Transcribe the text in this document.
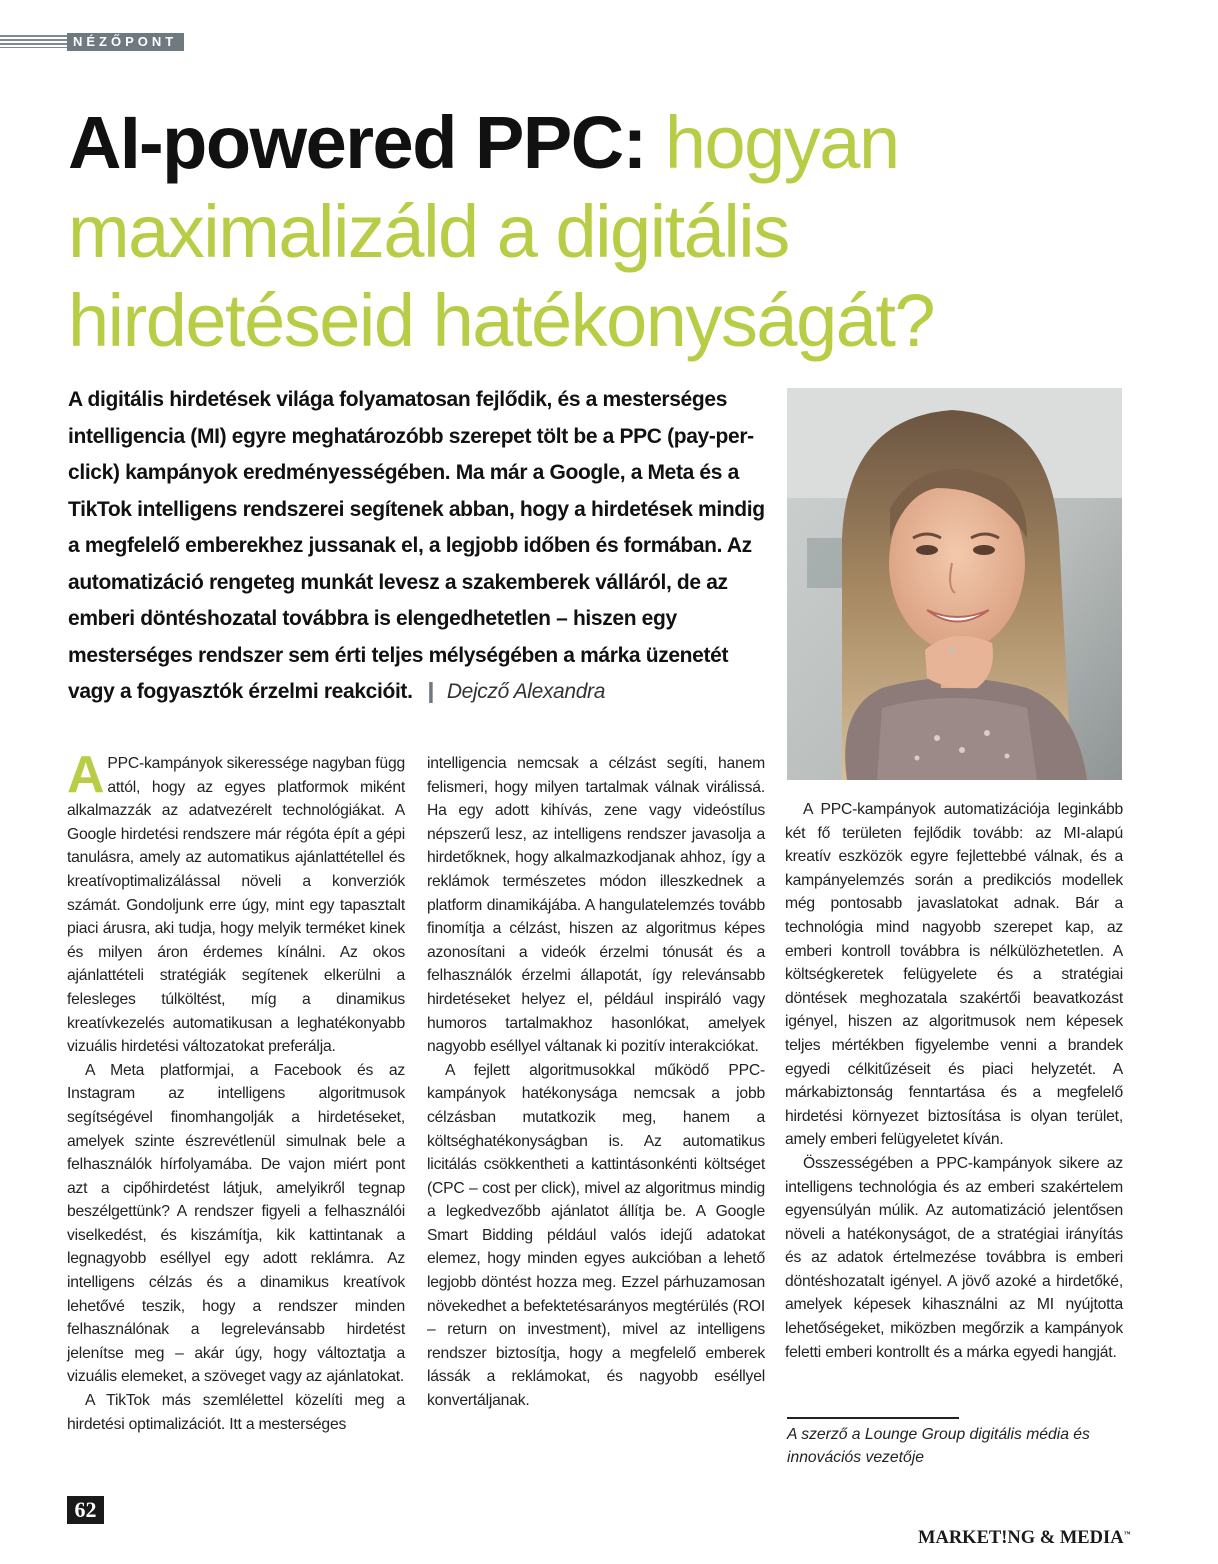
NÉZŐPONT
AI-powered PPC: hogyan maximalizáld a digitális hirdetéseid hatékonyságát?

A digitális hirdetések világa folyamatosan fejlődik, és a mesterséges intelligencia (MI) egyre meghatározóbb szerepet tölt be a PPC (pay-per-click) kampányok eredményességében. Ma már a Google, a Meta és a TikTok intelligens rendszerei segítenek abban, hogy a hirdetések mindig a megfelelő emberekhez jussanak el, a legjobb időben és formában. Az automatizáció rengeteg munkát levesz a szakemberek válláról, de az emberi döntéshozatal továbbra is elengedhetetlen – hiszen egy mesterséges rendszer sem érti teljes mélységében a márka üzenetét vagy a fogyasztók érzelmi reakcióit. ❙ Dejcző Alexandra

APPC-kampányok sikeressége nagyban függ attól, hogy az egyes platformok miként alkalmazzák az adatvezérelt technológiákat. A Google hirdetési rendszere már régóta épít a gépi tanulásra, amely az automatikus ajánlattétellel és kreatívoptimalizálással növeli a konverziók számát. Gondoljunk erre úgy, mint egy tapasztalt piaci árusra, aki tudja, hogy melyik terméket kinek és milyen áron érdemes kínálni. Az okos ajánlattételi stratégiák segítenek elkerülni a felesleges túlköltést, míg a dinamikus kreatívkezelés automatikusan a leghatékonyabb vizuális hirdetési változatokat preferálja.

A Meta platformjai, a Facebook és az Instagram az intelligens algoritmusok segítségével finomhangolják a hirdetéseket, amelyek szinte észrevétlenül simulnak bele a felhasználók hírfolyamába. De vajon miért pont azt a cipőhirdetést látjuk, amelyikről tegnap beszélgettünk? A rendszer figyeli a felhasználói viselkedést, és kiszámítja, kik kattintanak a legnagyobb eséllyel egy adott reklámra. Az intelligens célzás és a dinamikus kreatívok lehetővé teszik, hogy a rendszer minden felhasználónak a legrelevánsabb hirdetést jelenítse meg – akár úgy, hogy változtatja a vizuális elemeket, a szöveget vagy az ajánlatokat.

A TikTok más szemlélettel közelíti meg a hirdetési optimalizációt. Itt a mesterséges

intelligencia nemcsak a célzást segíti, hanem felismeri, hogy milyen tartalmak válnak virálissá. Ha egy adott kihívás, zene vagy videóstílus népszerű lesz, az intelligens rendszer javasolja a hirdetőknek, hogy alkalmazkodjanak ahhoz, így a reklámok természetes módon illeszkednek a platform dinamikájába. A hangulatelemzés tovább finomítja a célzást, hiszen az algoritmus képes azonosítani a videók érzelmi tónusát és a felhasználók érzelmi állapotát, így relevánsabb hirdetéseket helyez el, például inspiráló vagy humoros tartalmakhoz hasonlókat, amelyek nagyobb eséllyel váltanak ki pozitív interakciókat.

A fejlett algoritmusokkal működő PPC-kampányok hatékonysága nemcsak a jobb célzásban mutatkozik meg, hanem a költséghatékonyságban is. Az automatikus licitálás csökkentheti a kattintásonkénti költséget (CPC – cost per click), mivel az algoritmus mindig a legkedvezőbb ajánlatot állítja be. A Google Smart Bidding például valós idejű adatokat elemez, hogy minden egyes aukcióban a lehető legjobb döntést hozza meg. Ezzel párhuzamosan növekedhet a befektetésarányos megtérülés (ROI – return on investment), mivel az intelligens rendszer biztosítja, hogy a megfelelő emberek lássák a reklámokat, és nagyobb eséllyel konvertáljanak.

A PPC-kampányok automatizációja leginkább két fő területen fejlődik tovább: az MI-alapú kreatív eszközök egyre fejlettebbé válnak, és a kampányelemzés során a predikciós modellek még pontosabb javaslatokat adnak. Bár a technológia mind nagyobb szerepet kap, az emberi kontroll továbbra is nélkülözhetetlen. A költségkeretek felügyelete és a stratégiai döntések meghozatala szakértői beavatkozást igényel, hiszen az algoritmusok nem képesek teljes mértékben figyelembe venni a brandek egyedi célkitűzéseit és piaci helyzetét. A márkabiztonság fenntartása és a megfelelő hirdetési környezet biztosítása is olyan terület, amely emberi felügyeletet kíván.

Összességében a PPC-kampányok sikere az intelligens technológia és az emberi szakértelem egyensúlyán múlik. Az automatizáció jelentősen növeli a hatékonyságot, de a stratégiai irányítás és az adatok értelmezése továbbra is emberi döntéshozatalt igényel. A jövő azoké a hirdetőké, amelyek képesek kihasználni az MI nyújtotta lehetőségeket, miközben megőrzik a kampányok feletti emberi kontrollt és a márka egyedi hangját.

A szerző a Lounge Group digitális média és innovációs vezetője

62
MARKET!NG & MEDIA™
